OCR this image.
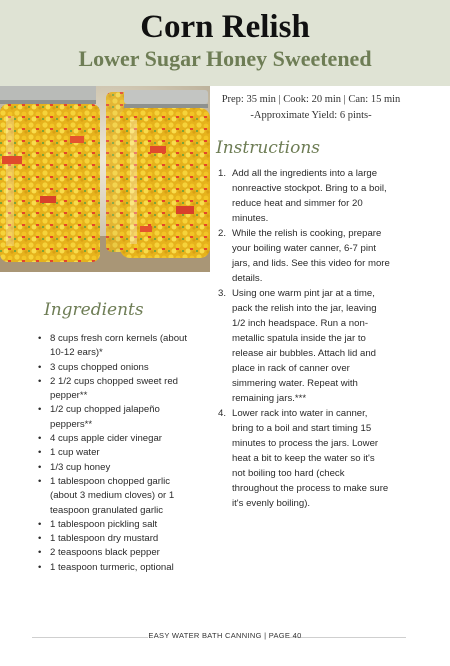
Corn Relish
Lower Sugar Honey Sweetened
Prep: 35 min | Cook: 20 min | Can: 15 min
-Approximate Yield: 6 pints-
Instructions
1. Add all the ingredients into a large
nonreactive stockpot. Bring to a boil,
reduce heat and simmer for 20
minutes.
2. While the relish is cooking, prepare
your boiling water canner, 6-7 pint
jars, and lids. See this video for more
details.
3. Using one warm pint jar at a time,
pack the relish into the jar, leaving
1/2 inch headspace. Run a non-
metallic spatula inside the jar to
release air bubbles. Attach lid and
place in rack of canner over
simmering water. Repeat with
remaining jars.***
4. Lower rack into water in canner,
bring to a boil and start timing 15
minutes to process the jars. Lower
heat a bit to keep the water so it's
not boiling too hard (check
throughout the process to make sure
it's evenly boiling).
Ingredients
• 8 cups fresh corn kernels (about
10-12 ears)*
• 3 cups chopped onions
• 2 1/2 cups chopped sweet red
pepper**
• 1/2 cup chopped jalapeño
peppers**
• 4 cups apple cider vinegar
• 1 cup water
• 1/3 cup honey
• 1 tablespoon chopped garlic
(about 3 medium cloves) or 1
teaspoon granulated garlic
• 1 tablespoon pickling salt
• 1 tablespoon dry mustard
• 2 teaspoons black pepper
• 1 teaspoon turmeric, optional
EASY WATER BATH CANNING | PAGE 40
